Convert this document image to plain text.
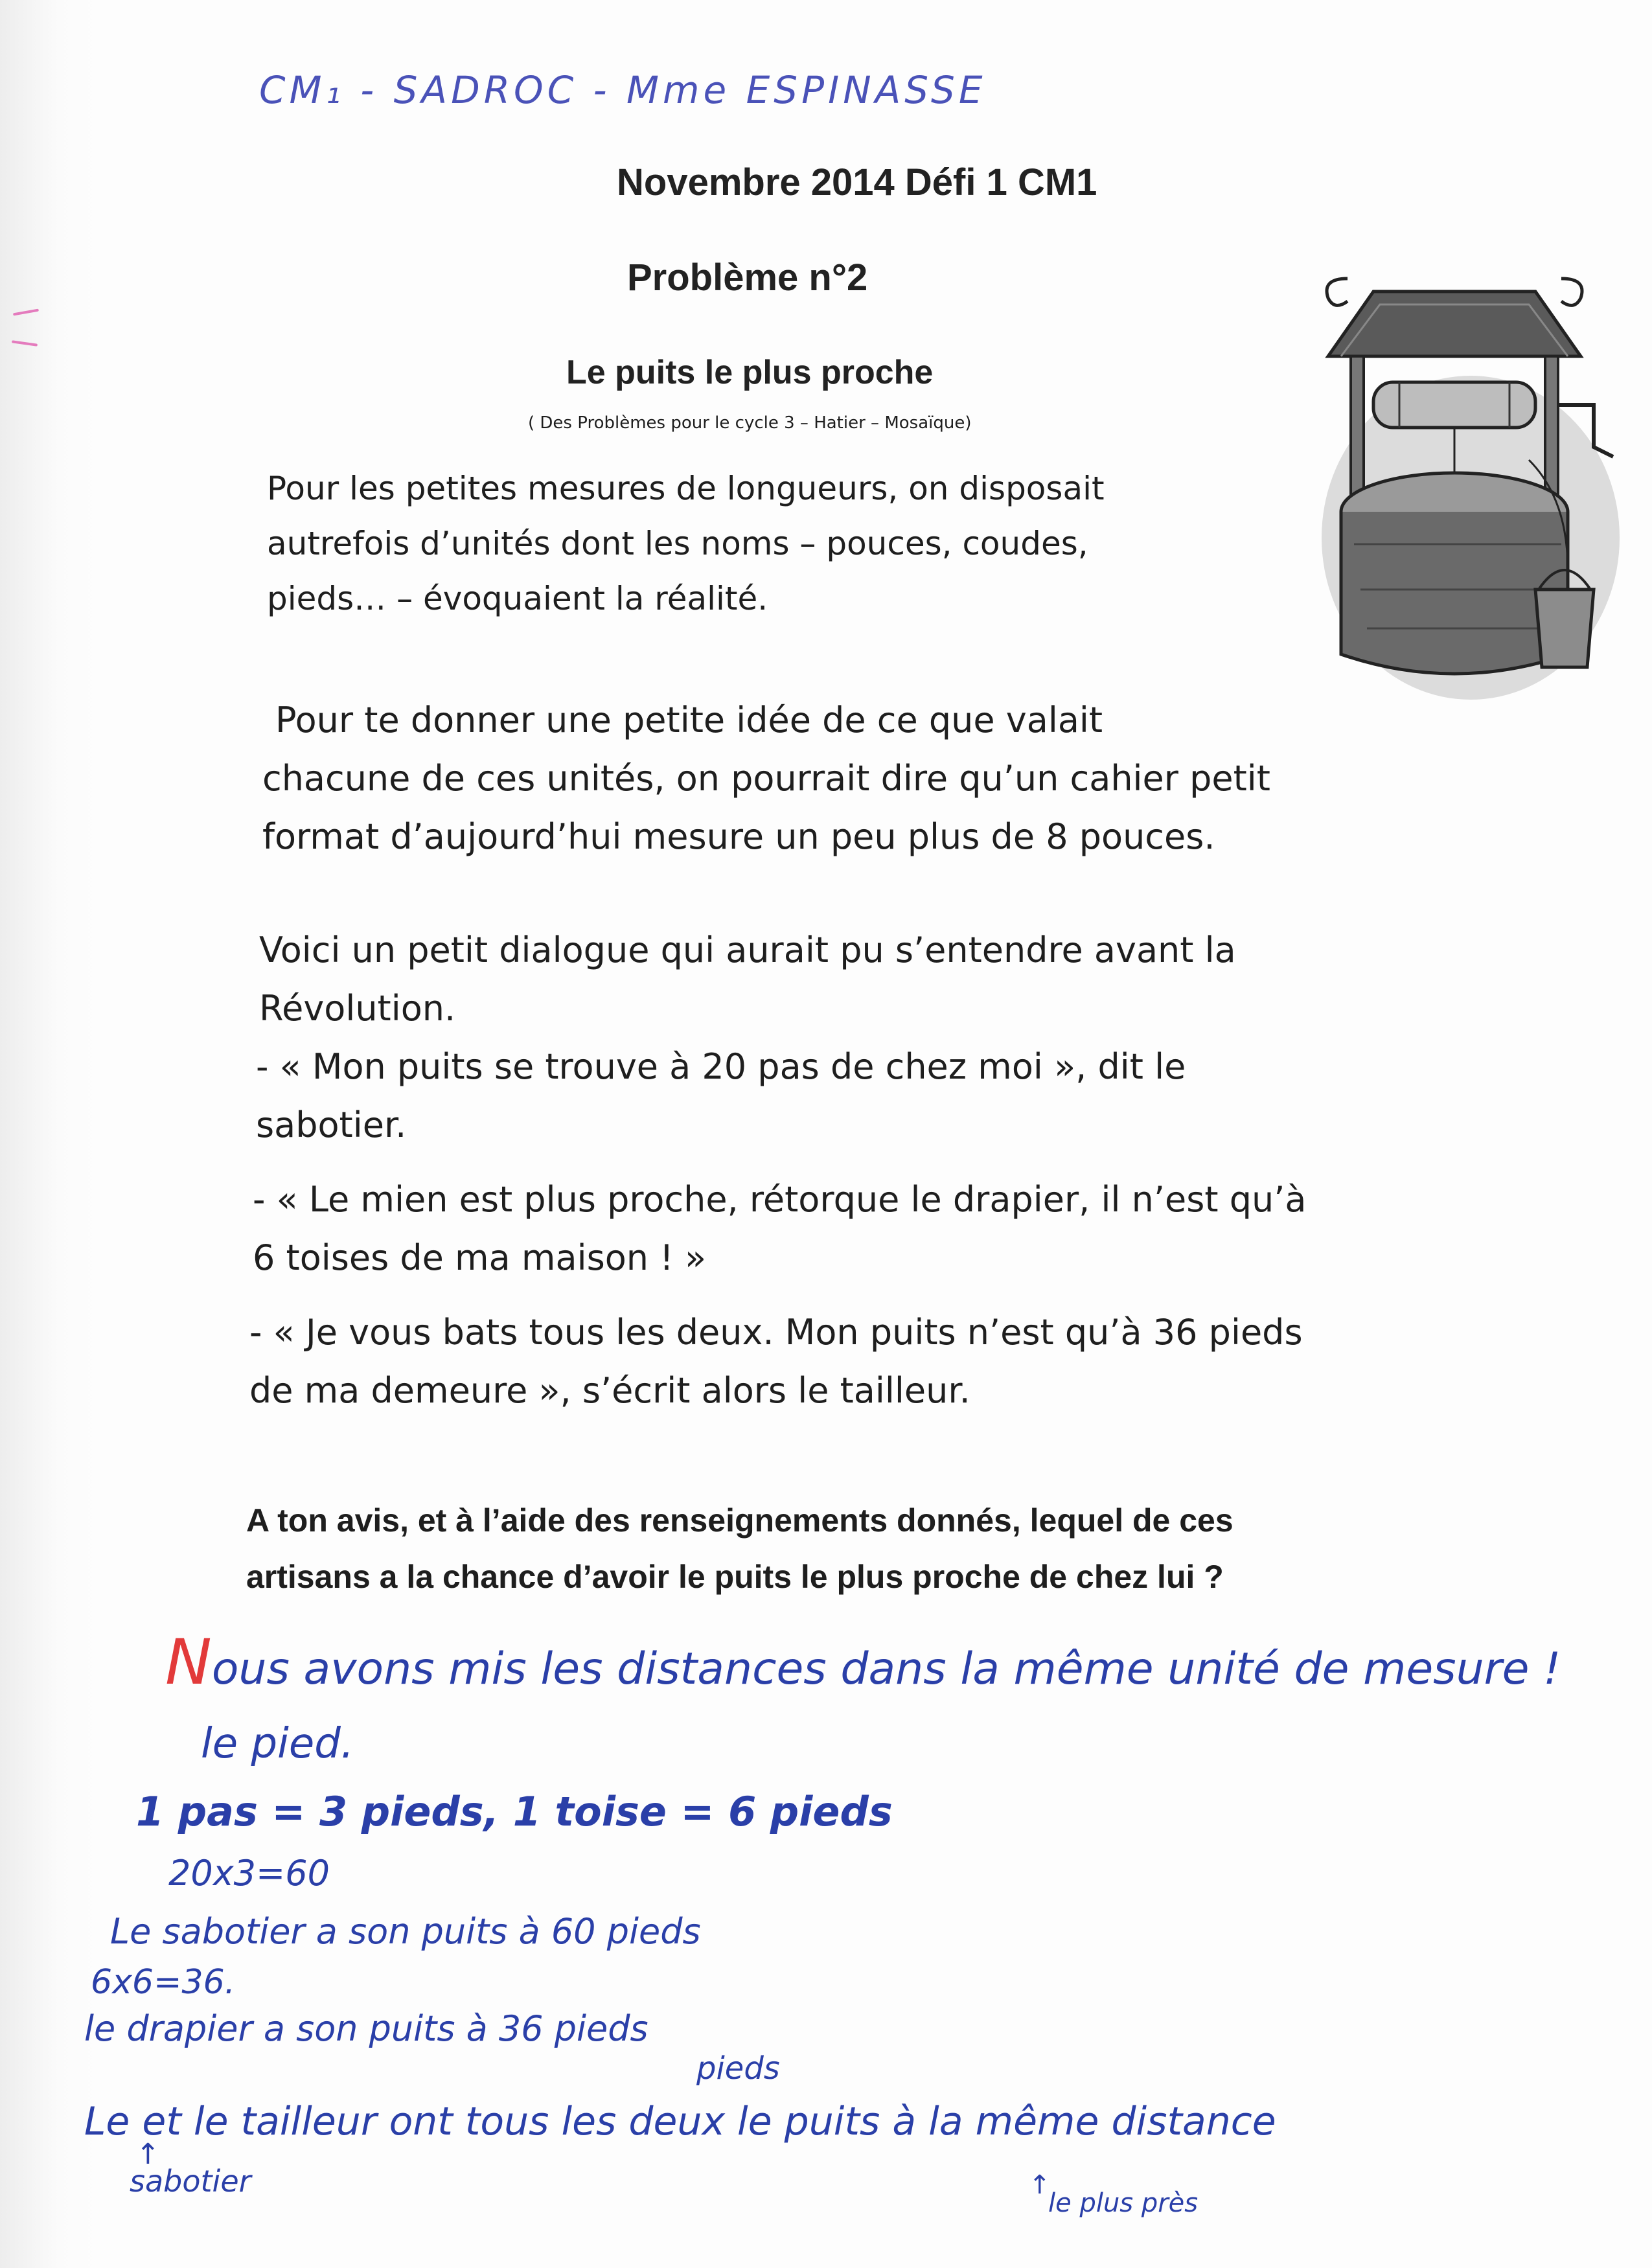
CM₁ - SADROC - Mme ESPINASSE
Novembre 2014 Défi 1 CM1
Problème n°2
Le puits le plus proche
( Des Problèmes pour le cycle 3 – Hatier – Mosaïque)
Pour les petites mesures de longueurs, on disposait
autrefois d’unités dont les noms – pouces, coudes,
pieds… – évoquaient la réalité.
Pour te donner une petite idée de ce que valait
chacune de ces unités, on pourrait dire qu’un cahier petit
format d’aujourd’hui mesure un peu plus de 8 pouces.
Voici un petit dialogue qui aurait pu s’entendre avant la
Révolution.
- « Mon puits se trouve à 20 pas de chez moi », dit le
sabotier.
- « Le mien est plus proche, rétorque le drapier, il n’est qu’à
6 toises de ma maison ! »
- « Je vous bats tous les deux. Mon puits n’est qu’à 36 pieds
de ma demeure », s’écrit alors le tailleur.
A ton avis, et à l’aide des renseignements donnés, lequel de ces
artisans a la chance d’avoir le puits le plus proche de chez lui ?
Nous avons mis les distances dans la même unité de mesure !
le pied.
1 pas = 3 pieds, 1 toise = 6 pieds
20x3=60
Le sabotier a son puits à 60 pieds
6x6=36.
le drapier a son puits à 36 pieds
pieds
Le et le tailleur ont tous les deux le puits à la même distance
↑
sabotier	↑
le plus près
